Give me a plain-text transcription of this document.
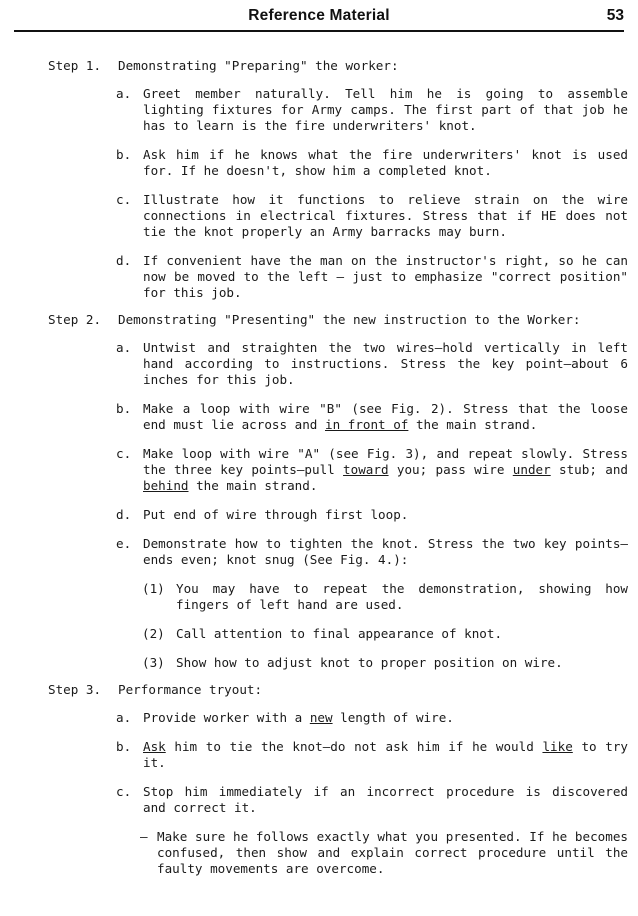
Reference Material	53
Step 1.	Demonstrating "Preparing" the worker:
a. Greet member naturally. Tell him he is going to assemble lighting fixtures for Army camps. The first part of that job he has to learn is the fire underwriters' knot.
b. Ask him if he knows what the fire underwriters' knot is used for. If he doesn't, show him a completed knot.
c. Illustrate how it functions to relieve strain on the wire connections in electrical fixtures. Stress that if HE does not tie the knot properly an Army barracks may burn.
d. If convenient have the man on the instructor's right, so he can now be moved to the left — just to emphasize "correct position" for this job.
Step 2.	Demonstrating "Presenting" the new instruction to the Worker:
a. Untwist and straighten the two wires—hold vertically in left hand according to instructions. Stress the key point—about 6 inches for this job.
b. Make a loop with wire "B" (see Fig. 2). Stress that the loose end must lie across and in front of the main strand.
c. Make loop with wire "A" (see Fig. 3), and repeat slowly. Stress the three key points—pull toward you; pass wire under stub; and behind the main strand.
d. Put end of wire through first loop.
e. Demonstrate how to tighten the knot. Stress the two key points—ends even; knot snug (See Fig. 4.):
(1) You may have to repeat the demonstration, showing how fingers of left hand are used.
(2) Call attention to final appearance of knot.
(3) Show how to adjust knot to proper position on wire.
Step 3.	Performance tryout:
a. Provide worker with a new length of wire.
b. Ask him to tie the knot—do not ask him if he would like to try it.
c. Stop him immediately if an incorrect procedure is discovered and correct it.
– Make sure he follows exactly what you presented. If he becomes confused, then show and explain correct procedure until the faulty movements are overcome.
